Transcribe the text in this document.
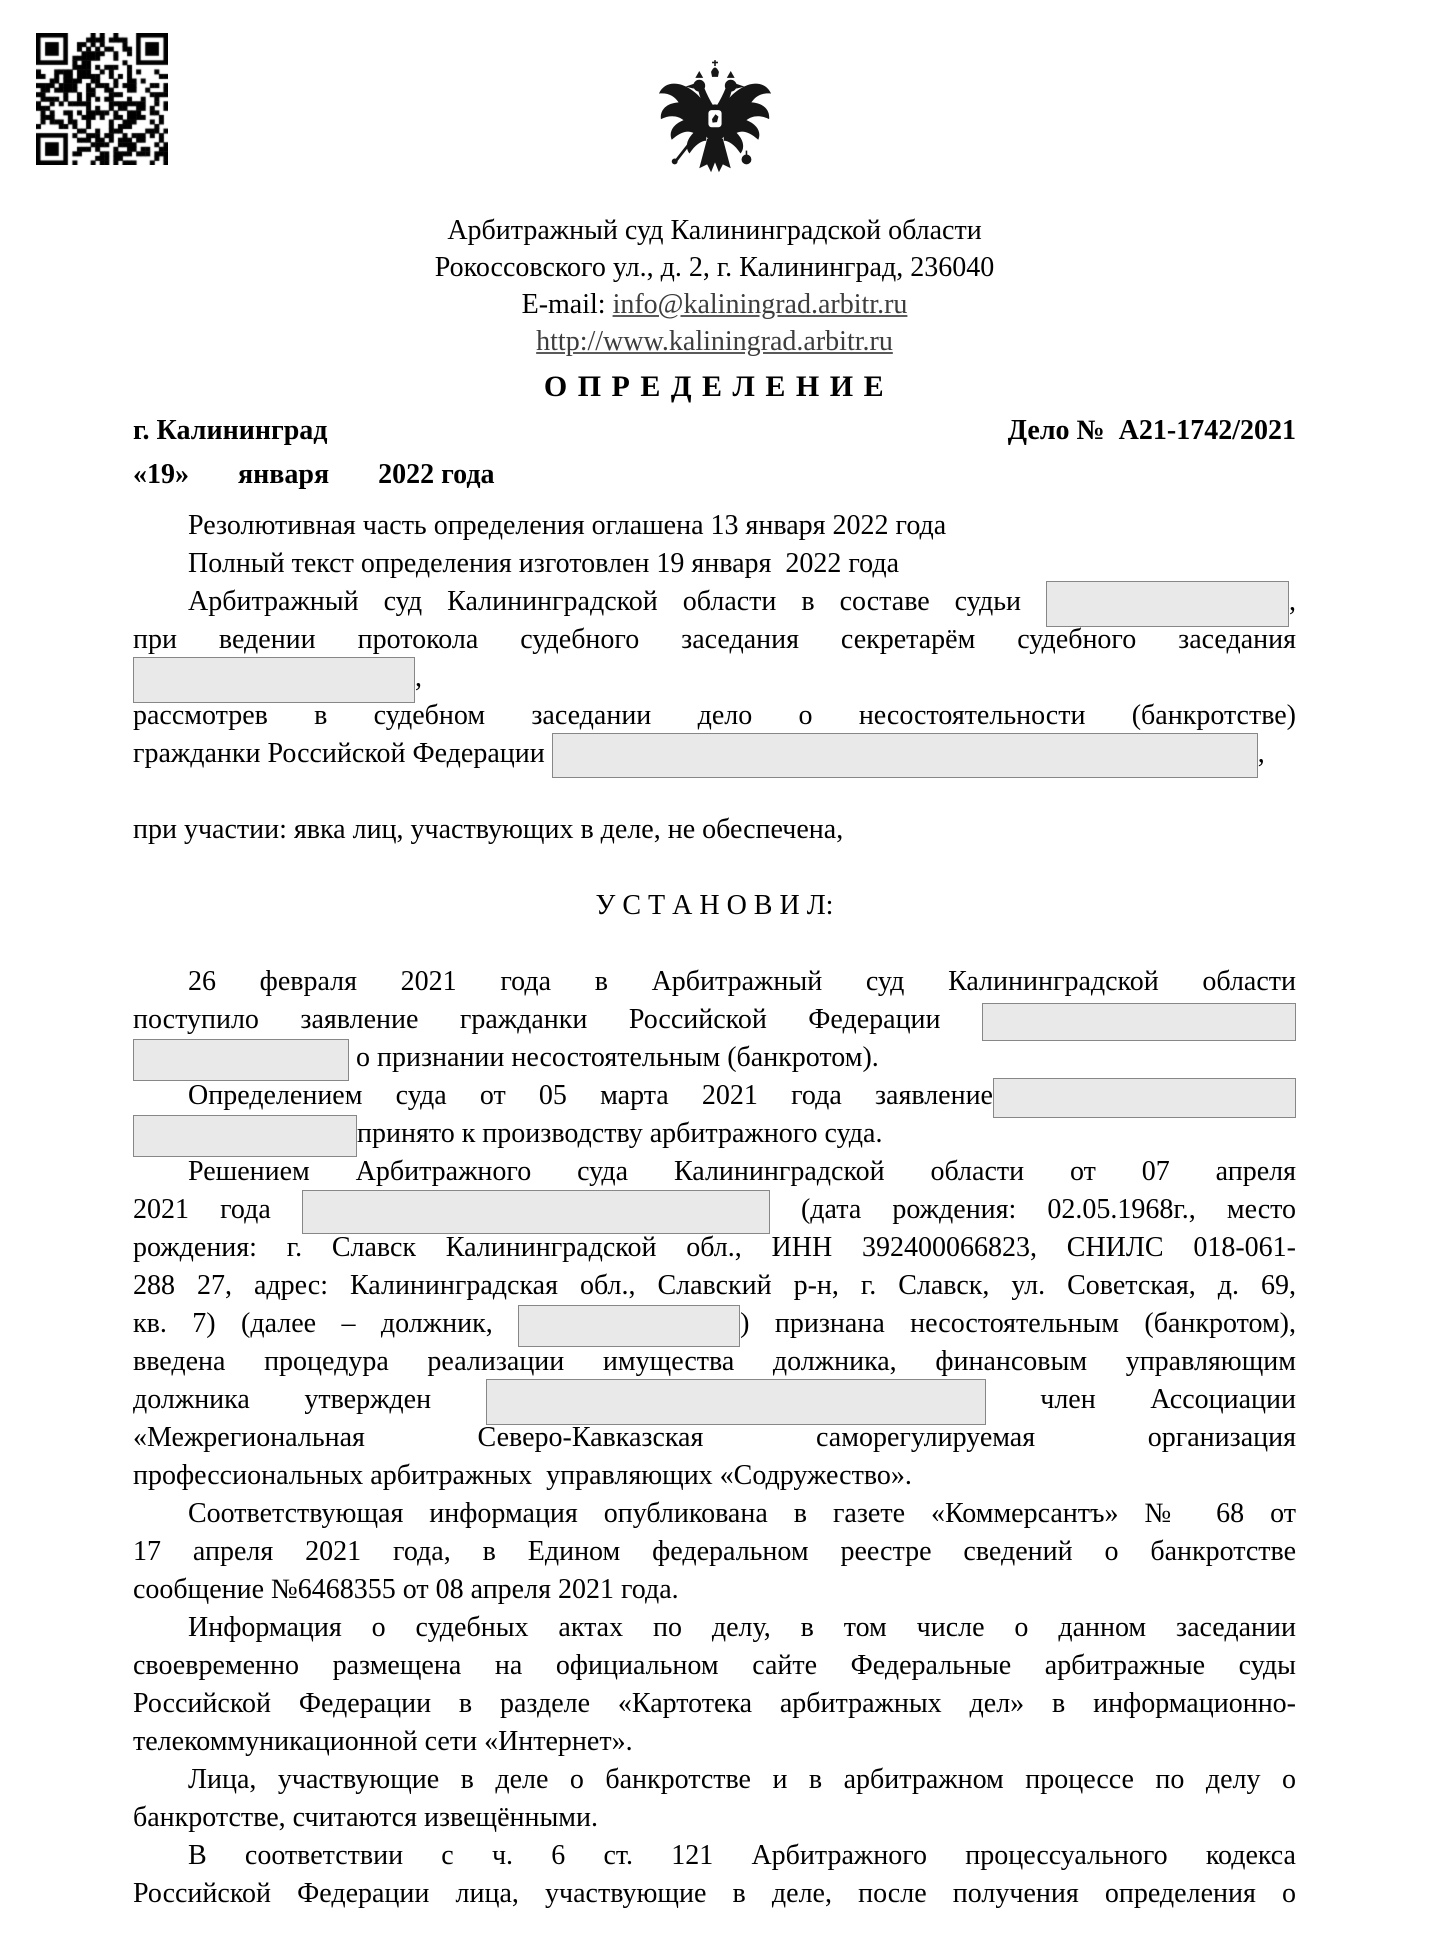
Арбитражный суд Калининградской области
Рокоссовского ул., д. 2, г. Калининград, 236040
E-mail: info@kaliningrad.arbitr.ru
http://www.kaliningrad.arbitr.ru
О П Р Е Д Е Л Е Н И Е
г. Калининград	Дело №  А21-1742/2021
«19»       января       2022 года

Резолютивная часть определения оглашена 13 января 2022 года

Полный текст определения изготовлен 19 января  2022 года

Арбитражный суд Калининградской области в составе судьи	,

при ведении протокола судебного заседания секретарём судебного заседания

,

рассмотрев в судебном заседании дело о несостоятельности (банкротстве)

гражданки Российской Федерации	,

при участии: явка лиц, участвующих в деле, не обеспечена,

У С Т А Н О В И Л:

26 февраля 2021 года в Арбитражный суд Калининградской области

поступило заявление гражданки Российской Федерации

о признании несостоятельным (банкротом).

Определением суда от 05 марта 2021 года заявление

принято к производству арбитражного суда.

Решением Арбитражного суда Калининградской области от 07 апреля

2021 года	(дата рождения: 02.05.1968г., место

рождения: г. Славск Калининградской обл., ИНН 392400066823, СНИЛС 018-061-

288 27, адрес: Калининградская обл., Славский р-н, г. Славск, ул. Советская, д. 69,

кв. 7) (далее – должник,	) признана несостоятельным (банкротом),

введена процедура реализации имущества должника, финансовым управляющим

должника утвержден	член Ассоциации

«Межрегиональная Северо-Кавказская саморегулируемая организация

профессиональных арбитражных  управляющих «Содружество».

Соответствующая информация опубликована в газете «Коммерсантъ» № 68 от

17 апреля 2021 года, в Едином федеральном реестре сведений о банкротстве

сообщение №6468355 от 08 апреля 2021 года.

Информация о судебных актах по делу, в том числе о данном заседании

своевременно размещена на официальном сайте Федеральные арбитражные суды

Российской Федерации в разделе «Картотека арбитражных дел» в информационно-

телекоммуникационной сети «Интернет».

Лица, участвующие в деле о банкротстве и в арбитражном процессе по делу о

банкротстве, считаются извещёнными.

В соответствии с ч. 6 ст. 121 Арбитражного процессуального кодекса

Российской Федерации лица, участвующие в деле, после получения определения о
